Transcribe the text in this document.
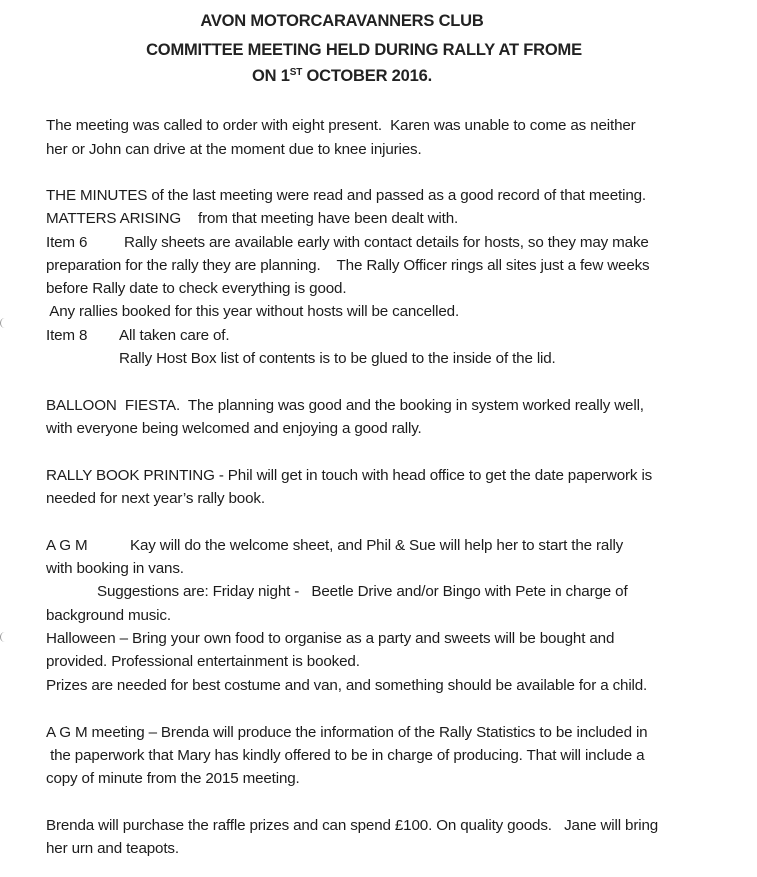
AVON MOTORCARAVANNERS CLUB
COMMITTEE MEETING HELD DURING RALLY AT FROME
ON 1ST OCTOBER 2016.
The meeting was called to order with eight present.  Karen was unable to come as neither
her or John can drive at the moment due to knee injuries.
THE MINUTES of the last meeting were read and passed as a good record of that meeting.
MATTERS ARISING from that meeting have been dealt with.
Item 6 Rally sheets are available early with contact details for hosts, so they may make
preparation for the rally they are planning.    The Rally Officer rings all sites just a few weeks
before Rally date to check everything is good.
Any rallies booked for this year without hosts will be cancelled.
Item 8 All taken care of.
Rally Host Box list of contents is to be glued to the inside of the lid.
BALLOON  FIESTA.  The planning was good and the booking in system worked really well,
with everyone being welcomed and enjoying a good rally.
RALLY BOOK PRINTING - Phil will get in touch with head office to get the date paperwork is
needed for next year’s rally book.
A G M	Kay will do the welcome sheet, and Phil & Sue will help her to start the rally
with booking in vans.
Suggestions are: Friday night -   Beetle Drive and/or Bingo with Pete in charge of
background music.
Halloween – Bring your own food to organise as a party and sweets will be bought and
provided. Professional entertainment is booked.
Prizes are needed for best costume and van, and something should be available for a child.
A G M meeting – Brenda will produce the information of the Rally Statistics to be included in
the paperwork that Mary has kindly offered to be in charge of producing. That will include a
copy of minute from the 2015 meeting.
Brenda will purchase the raffle prizes and can spend £100. On quality goods.   Jane will bring
her urn and teapots.
